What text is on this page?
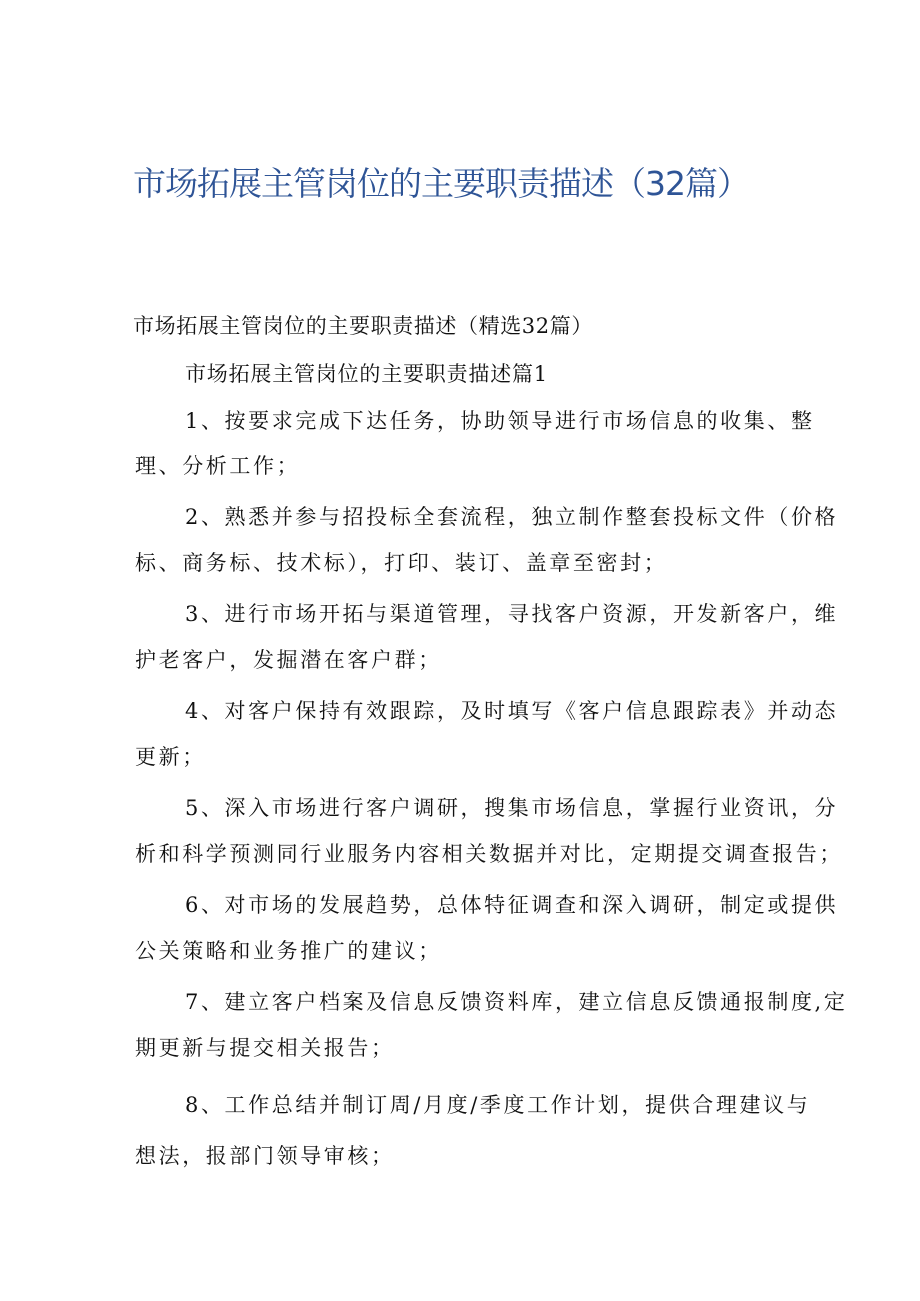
市场拓展主管岗位的主要职责描述（32篇）

市场拓展主管岗位的主要职责描述（精选32篇）

市场拓展主管岗位的主要职责描述篇1

1、按要求完成下达任务，协助领导进行市场信息的收集、整

理、分析工作；

2、熟悉并参与招投标全套流程，独立制作整套投标文件（价格

标、商务标、技术标），打印、装订、盖章至密封；

3、进行市场开拓与渠道管理，寻找客户资源，开发新客户，维

护老客户，发掘潜在客户群；

4、对客户保持有效跟踪，及时填写《客户信息跟踪表》并动态

更新；

5、深入市场进行客户调研，搜集市场信息，掌握行业资讯，分

析和科学预测同行业服务内容相关数据并对比，定期提交调查报告；

6、对市场的发展趋势，总体特征调查和深入调研，制定或提供

公关策略和业务推广的建议；

7、建立客户档案及信息反馈资料库，建立信息反馈通报制度,定

期更新与提交相关报告；

8、工作总结并制订周/月度/季度工作计划，提供合理建议与

想法，报部门领导审核；
